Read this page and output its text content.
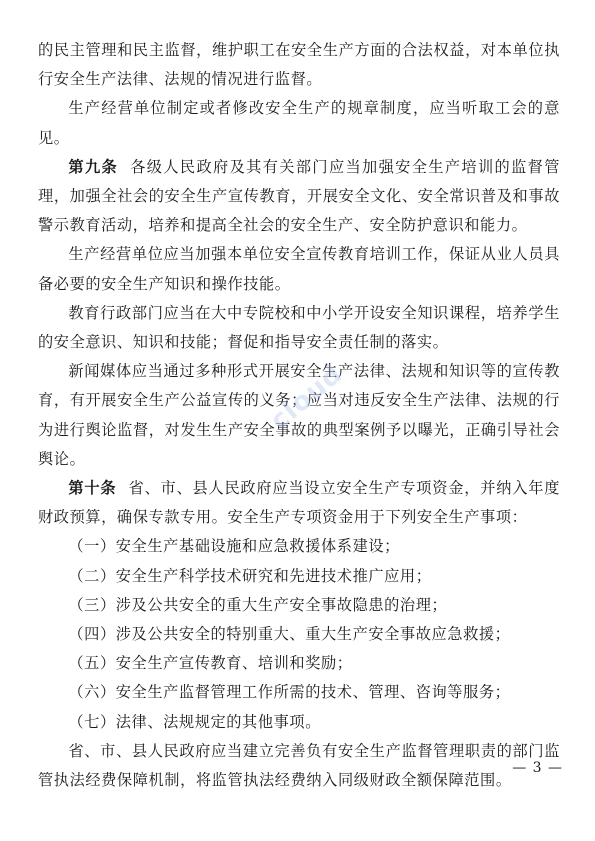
的民主管理和民主监督，维护职工在安全生产方面的合法权益，对本单位执行安全生产法律、法规的情况进行监督。

生产经营单位制定或者修改安全生产的规章制度，应当听取工会的意见。

第九条 各级人民政府及其有关部门应当加强安全生产培训的监督管理，加强全社会的安全生产宣传教育，开展安全文化、安全常识普及和事故警示教育活动，培养和提高全社会的安全生产、安全防护意识和能力。

生产经营单位应当加强本单位安全宣传教育培训工作，保证从业人员具备必要的安全生产知识和操作技能。

教育行政部门应当在大中专院校和中小学开设安全知识课程，培养学生的安全意识、知识和技能；督促和指导安全责任制的落实。

新闻媒体应当通过多种形式开展安全生产法律、法规和知识等的宣传教育，有开展安全生产公益宣传的义务；应当对违反安全生产法律、法规的行为进行舆论监督，对发生生产安全事故的典型案例予以曝光，正确引导社会舆论。

第十条 省、市、县人民政府应当设立安全生产专项资金，并纳入年度财政预算，确保专款专用。安全生产专项资金用于下列安全生产事项：

（一）安全生产基础设施和应急救援体系建设；

（二）安全生产科学技术研究和先进技术推广应用；

（三）涉及公共安全的重大生产安全事故隐患的治理；

（四）涉及公共安全的特别重大、重大生产安全事故应急救援；

（五）安全生产宣传教育、培训和奖励；

（六）安全生产监督管理工作所需的技术、管理、咨询等服务；

（七）法律、法规规定的其他事项。

省、市、县人民政府应当建立完善负有安全生产监督管理职责的部门监管执法经费保障机制，将监管执法经费纳入同级财政全额保障范围。

cloud
— 3 —
